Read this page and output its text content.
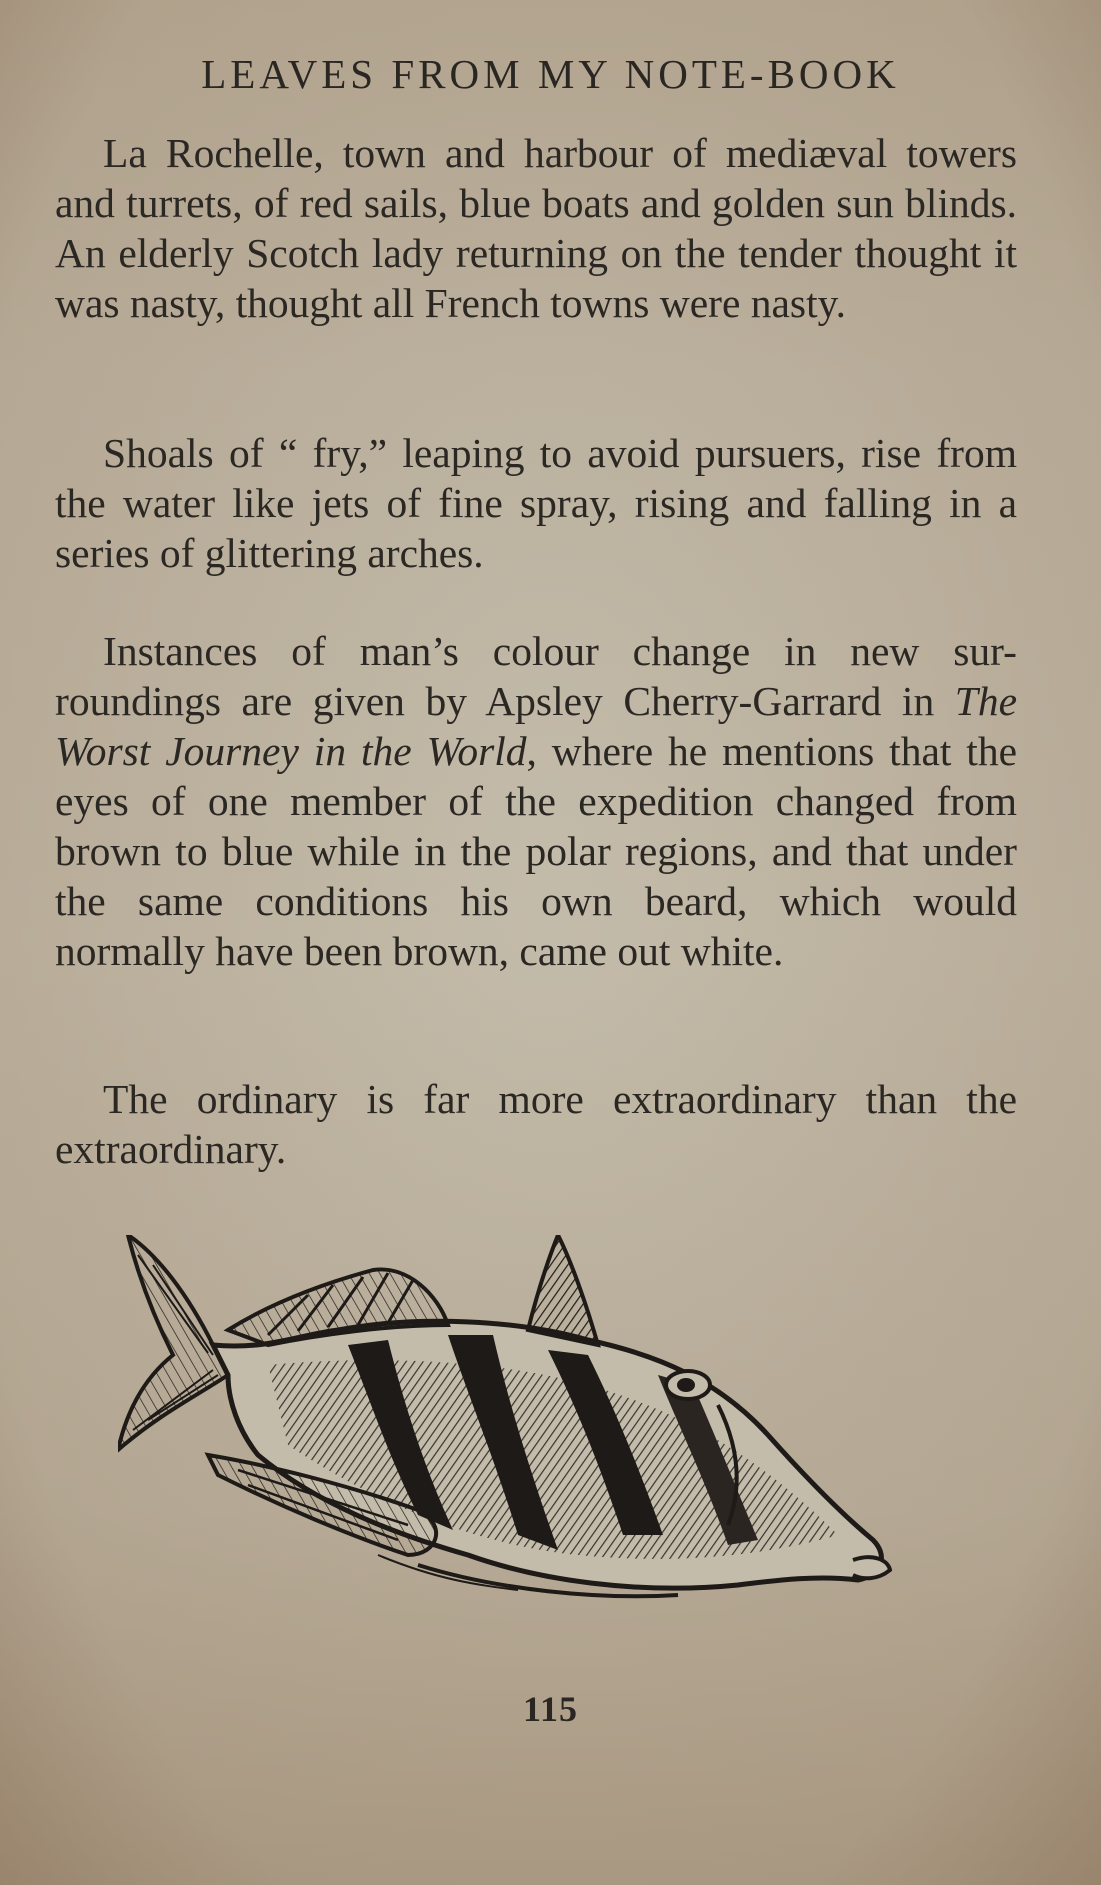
LEAVES FROM MY NOTE-BOOK

La Rochelle, town and harbour of mediæval towers and turrets, of red sails, blue boats and golden sun blinds. An elderly Scotch lady returning on the tender thought it was nasty, thought all French towns were nasty.

Shoals of “ fry,” leaping to avoid pursuers, rise from the water like jets of fine spray, rising and falling in a series of glittering arches.

Instances of man’s colour change in new sur-roundings are given by Apsley Cherry-Garrard in The Worst Journey in the World, where he mentions that the eyes of one member of the expedition changed from brown to blue while in the polar regions, and that under the same conditions his own beard, which would normally have been brown, came out white.

The ordinary is far more extraordinary than the extraordinary.

115
